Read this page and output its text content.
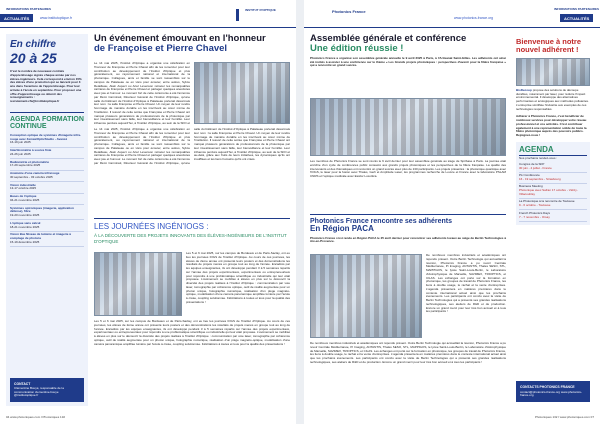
INFORMATIONS PARTENAIRES
ACTUALITÉS	www.institutoptique.fr
INSTITUT D'OPTIQUE
En chiffre
20 à 25
C'est le nombre de nouveaux contrats d'apprentissage signés chaque année par nos élèves-ingénieurs. Cela correspond à environ 15% des élèves d'une promotion qui se lancent pour 3 ans dans l'aventure de l'apprentissage. Pour leur arrivée à l'école en septembre. Pour proposer une offre d'apprentissage ou obtenir des renseignements : recrutement.cfa@institutoptique.fr
AGENDA FORMATION CONTINUE
Conception optique de systèmes d'imagerie infra-rouge avec Zemax/OpticStudio - Avancé
16-19 juin 2025
Interférométrie à source finie
24-26 juin 2025
Radiométrie et photométrie
17-29 septembre 2025
Anatomie d'une caméra infrarouge
30 septembre - 03 octobre 2025
Vision industrielle
13-17 octobre 2025
Bases de l'optique
04-21 novembre 2025
Systèmes optroniques (imagerie, application défense), fibre
19-20 novembre 2025
L'optique sans calcul
18-21 novembre 2025
Vision Bas Niveau de lumière et imagerie à comptage de photons
15-19 décembre 2025
CONTACT
Clémentine Bouyé, responsable de la communication clementine.bouye @institutoptique.fr
Un événement émouvant en l'honneur
de Françoise et Pierre Chavel
Le 14 mai 2025, l'Institut d'Optique a organisé une célébration en l'honneur de Françoise et Pierre Chavel afin de les remercier pour leur contribution au développement de l'Institut d'Optique et plus généralement, au rayonnement national et international de la photonique. Collègues, amis et famille se sont rassemblés sur le campus de Palaiseau ou en visio pour écouter, entre autres, Sylvie Retailleau, Alain Aspect ou Ariel Levenson retracer les remarquables carrières de Françoise et Pierre Chavel et partager quelques anecdotes avec joie et humour. Le moment fort de cette cérémonie a été l'annonce par Rémi Carminati, Directeur Général de l'Institut d'Optique, qu'une salle du bâtiment de l'Institut d'Optique à Palaiseau porterait désormais leur nom : la salle Françoise et Pierre Chavel. Un moyen de leur rendre hommage de manière durable en les inscrivant au cœur même de l'institution. Il ressort de cette soirée que Françoise et Pierre Chavel ont marqué plusieurs générations de professionnels de la photonique par leur investissement sans faille, leur bienveillance et leur humilité. Leur influence perdure aujourd'hui, à l'Institut d'Optique, au sein de la SFO et
Le 14 mai 2025, l'Institut d'Optique a organisé une célébration en l'honneur de Françoise et Pierre Chavel afin de les remercier pour leur contribution au développement de l'Institut d'Optique et plus généralement, au rayonnement national et international de la photonique. Collègues, amis et famille se sont rassemblés sur le campus de Palaiseau ou en visio pour écouter, entre autres, Sylvie Retailleau, Alain Aspect ou Ariel Levenson retracer les remarquables carrières de Françoise et Pierre Chavel et partager quelques anecdotes avec joie et humour. Le moment fort de cette cérémonie a été l'annonce par Rémi Carminati, Directeur Général de l'Institut d'Optique, qu'une salle du bâtiment de l'Institut d'Optique à Palaiseau porterait désormais leur nom : la salle Françoise et Pierre Chavel. Un moyen de leur rendre hommage de manière durable en les inscrivant au cœur même de l'institution. Il ressort de cette soirée que Françoise et Pierre Chavel ont marqué plusieurs générations de professionnels de la photonique par leur investissement sans faille, leur bienveillance et leur humilité. Leur influence perdure aujourd'hui, à l'Institut d'Optique, au sein de la SFO et au-delà, grâce aux fruits de leurs initiatives, les dynamiques qu'ils ont insufflées et les liens humains qu'ils ont créés.
LES JOURNÉES INGÉN'IOGS :
À LA DÉCOUVERTE DES PROJETS INNOVANTS DES ÉLÈVES-INGÉNIEURS DE L'INSTITUT D'OPTIQUE
Les 5 et 6 mai 2025, sur les campus de Bordeaux et de Paris-Saclay, ont eu lieu les journées IOGS de l'Institut d'Optique. Au cours de ces journées, les élèves de 2ème année ont présenté leurs posters et des démonstrations les résultats de projets menés en groupe tout au long de l'année. Encadrés par les équipes enseignantes, ils ont développé pendant 3 à 5 semaines répartis sur l'année des projets expérimentaux, expérimentaux ou entrepreneuriaux pour répondre à une problématique scientifique ou industrielle qui leur était proposée. L'événement se mobilisé à élèves en plus sur le découvrir la diversité des projets réalisés à l'Institut d'Optique : communication par voie laser, tomographie par cohérence optique, outil de réalité augmentée pour un photon unique, holographie numérique, réalisation d'un piège magnéto-optique, modélisation d'une caméra panoramique amplifiée lumière par l'école à créée, coupling solutionnée. Félicitations à toutes et tous pour la qualité des présentations !
Les 5 et 6 mai 2025, sur les campus de Bordeaux et de Paris-Saclay, ont eu lieu les journées IOGS de l'Institut d'Optique. Au cours de ces journées, les élèves de 2ème année ont présenté leurs posters et des démonstrations les résultats de projets menés en groupe tout au long de l'année. Encadrés par les équipes enseignantes, ils ont développé pendant 3 à 5 semaines répartis sur l'année des projets expérimentaux, expérimentaux ou entrepreneuriaux pour répondre à une problématique scientifique ou industrielle qui leur était proposée. L'événement se mobilisé à élèves en plus sur le découvrir la diversité des projets réalisés à l'Institut d'Optique : communication par voie laser, tomographie par cohérence optique, outil de réalité augmentée pour un photon unique, holographie numérique, réalisation d'un piège magnéto-optique, modélisation d'une caméra panoramique amplifiée lumière par l'école à créée, coupling solutionnée. Félicitations à toutes et tous pour la qualité des présentations !
04 www.photoniques.com l Photoniques 132
Photonics France
www.photonics-france.org
INFORMATIONS PARTENAIRES
ACTUALITÉS
Assemblée générale et conférence
Une édition réussie !
Photonics France a organisé son assemblée générale annuelle le 9 avril 2025 à Paris, à l'Artisanat Saint-Gilles. Les adhérents ont ainsi été invités à assister à une conférence sur le thème « Les Grands projets photoniques : perspectives d'avenir pour la filière française » qui a rencontré un grand succès.
Les membres de Photonics France se sont réunis le 9 avril dernier pour leur assemblée générale au siège de Spirbase à Paris. La journée était enrichie d'un cycle de conférences public consacré aux grands projets photoniques et les perspectives de la filière française. La qualité des intervenants et des thématiques ont rencontré un grand succès avec plus de 130 participants. Les projets présentés : la photonique quantique avec l'IOGS, le laser pour la fusion avec Thales, Gerli et Amplitude Laser, les programmes recherche de Louvre et France avec le laboratoire PSLAM CNRS et l'optique médicale avec Essilor Luxottica.
Photonics France rencontre ses adhérents
En Région PACA
Photonics France s'est rendu en Région PACA le 25 avril dernier pour rencontrer ses adhérents locaux au siège de Bertin Technologies à Aix-en-Provence.
De nombreux membres industriels et académiques ont répondu présent. Outre Bertin Technologie qui accueillait la réunion, Photonics France a pu revoir Centrale Méditerranée, Pi Imaging, ANTANTIS, Thales SESO, STL, MAPPIGOS, le lycée Saint-Louis-Bertin, le Laboratoire d'Astrophysique de Marseille, SAVIMEX, TRIOPTICS, et CILAS. Les échanges ont porté sur la formation en photonique, les groupes de travail de Photonics France, les liens à double usage, le rachat et la vente d'entreprises. L'agenda présentera en matières premières dans le contexte international actuel ainsi que les prochains événements. Les participants ont conclu avec la visite de Bertin Technologies qui a présenté ses grandes réalisations technologiques, ses ateliers de R&D et de production. Encore un grand merci pour leur très bon accueil et à tous les participants !
De nombreux membres industriels et académiques ont répondu présent. Outre Bertin Technologie qui accueillait la réunion, Photonics France a pu revoir Centrale Méditerranée, Pi Imaging, ANTANTIS, Thales SESO, STL, MAPPIGOS, le lycée Saint-Louis-Bertin, le Laboratoire d'Astrophysique de Marseille, SAVIMEX, TRIOPTICS, et CILAS. Les échanges ont porté sur la formation en photonique, les groupes de travail de Photonics France, les liens à double usage, le rachat et la vente d'entreprises. L'agenda présentera en matières premières dans le contexte international actuel ainsi que les prochains événements. Les participants ont conclu avec la visite de Bertin Technologies qui a présenté ses grandes réalisations technologiques, ses ateliers de R&D et de production. Encore un grand merci pour leur très bon accueil et à tous les participants !
Bienvenue à notre nouvel adhérent !
BioDecoup propose des solutions de découpe durables, notamment par laser, pour réduire l'impact environnemental. Il développe des alternatives performantes et écologiques aux méthodes polluantes. L'entreprise similifiée l'industrie aux exemples de ces technologies responsables.
Adhérer à Photonics France, c'est bénéficier de nombreux services pour développer votre réseau professionnel et vos activités. C'est contribuer également à une représentation solide de toute la filière photonique auprès des pouvoirs publics. Rejoignez-nous !
AGENDA
Nos prochains rendez-vous :
Congrès de la SFP
30 juin - 4 juillet - France
PLI Conférence
16 - 19 septembre - Strasbourg
Business Meeting
Photonique avec Safran 17 octobre - Vélizy-Villacoublay
La Photonique à la rencontre de Toulouse
9 - 6 octobre - Toulouse
French Photonics Days
7 - 7 novembre - Orsay
CONTACTS PHOTONICS FRANCE
contact@photonics-france.org www.photonics-france.org
Photoniques 132 l www.photoniques.com 07
